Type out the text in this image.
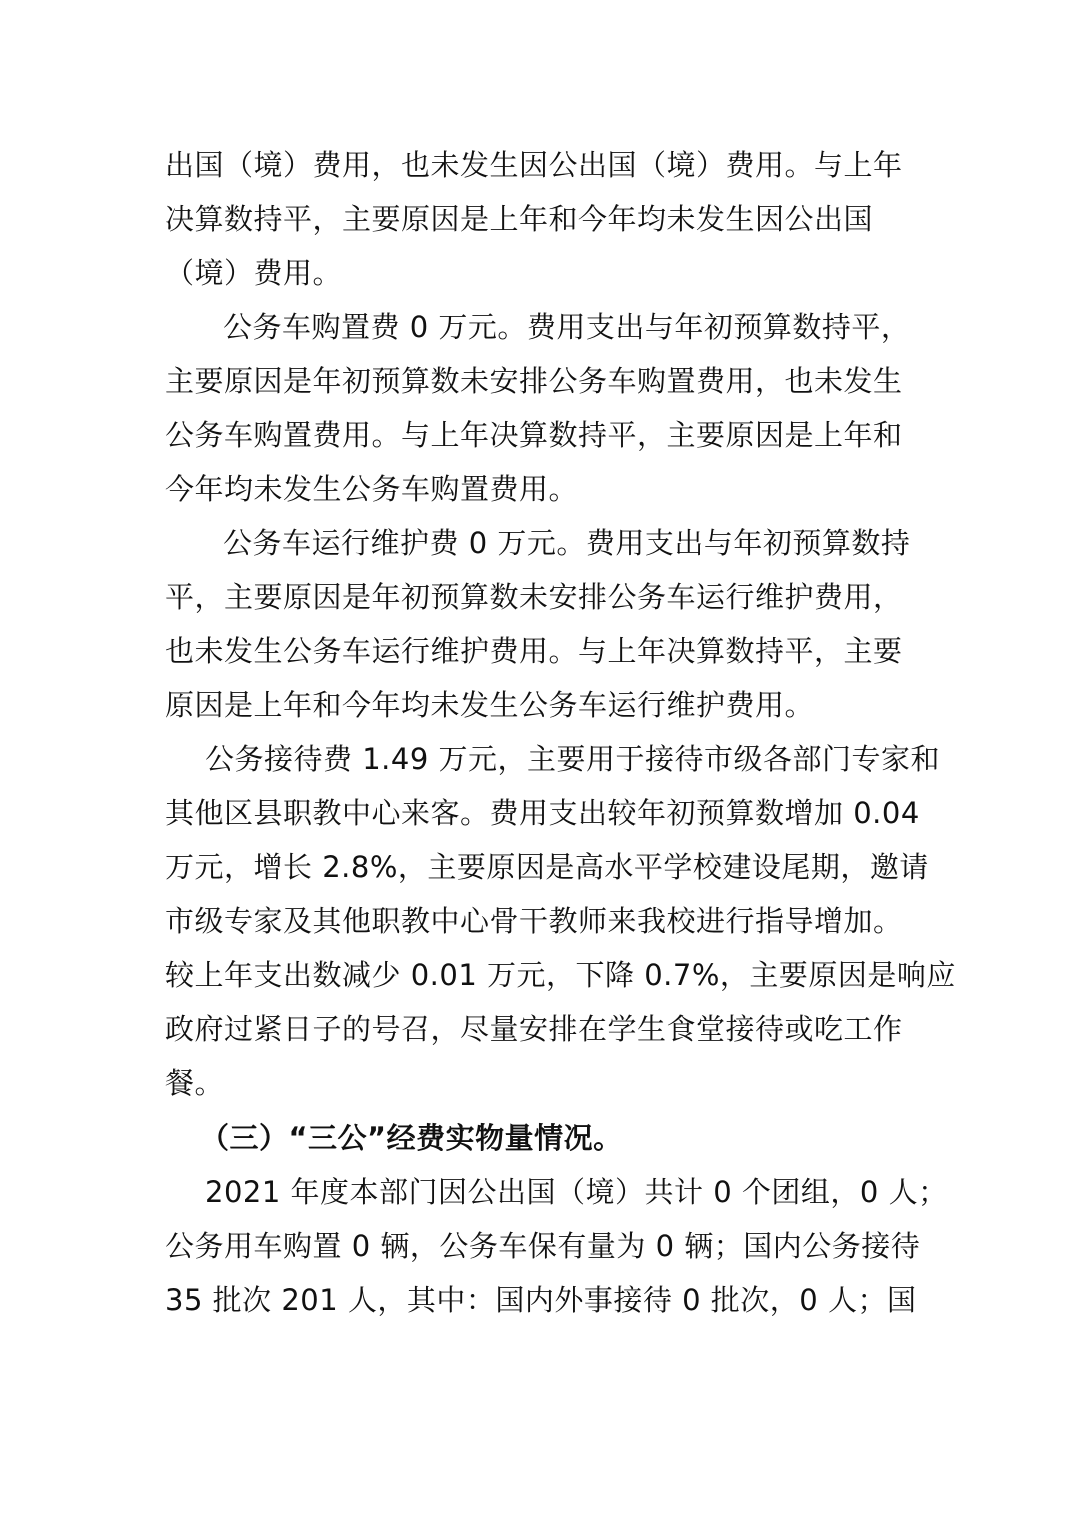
出国（境）费用，也未发生因公出国（境）费用。与上年
决算数持平，主要原因是上年和今年均未发生因公出国
（境）费用。
公务车购置费 0 万元。费用支出与年初预算数持平，
主要原因是年初预算数未安排公务车购置费用，也未发生
公务车购置费用。与上年决算数持平，主要原因是上年和
今年均未发生公务车购置费用。
公务车运行维护费 0 万元。费用支出与年初预算数持
平，主要原因是年初预算数未安排公务车运行维护费用，
也未发生公务车运行维护费用。与上年决算数持平，主要
原因是上年和今年均未发生公务车运行维护费用。
公务接待费 1.49 万元，主要用于接待市级各部门专家和
其他区县职教中心来客。费用支出较年初预算数增加 0.04
万元，增长 2.8%，主要原因是高水平学校建设尾期，邀请
市级专家及其他职教中心骨干教师来我校进行指导增加。
较上年支出数减少 0.01 万元，下降 0.7%，主要原因是响应
政府过紧日子的号召，尽量安排在学生食堂接待或吃工作
餐。
（三）“三公”经费实物量情况。
2021 年度本部门因公出国（境）共计 0 个团组，0 人；
公务用车购置 0 辆，公务车保有量为 0 辆；国内公务接待
35 批次 201 人，其中：国内外事接待 0 批次，0 人；国
